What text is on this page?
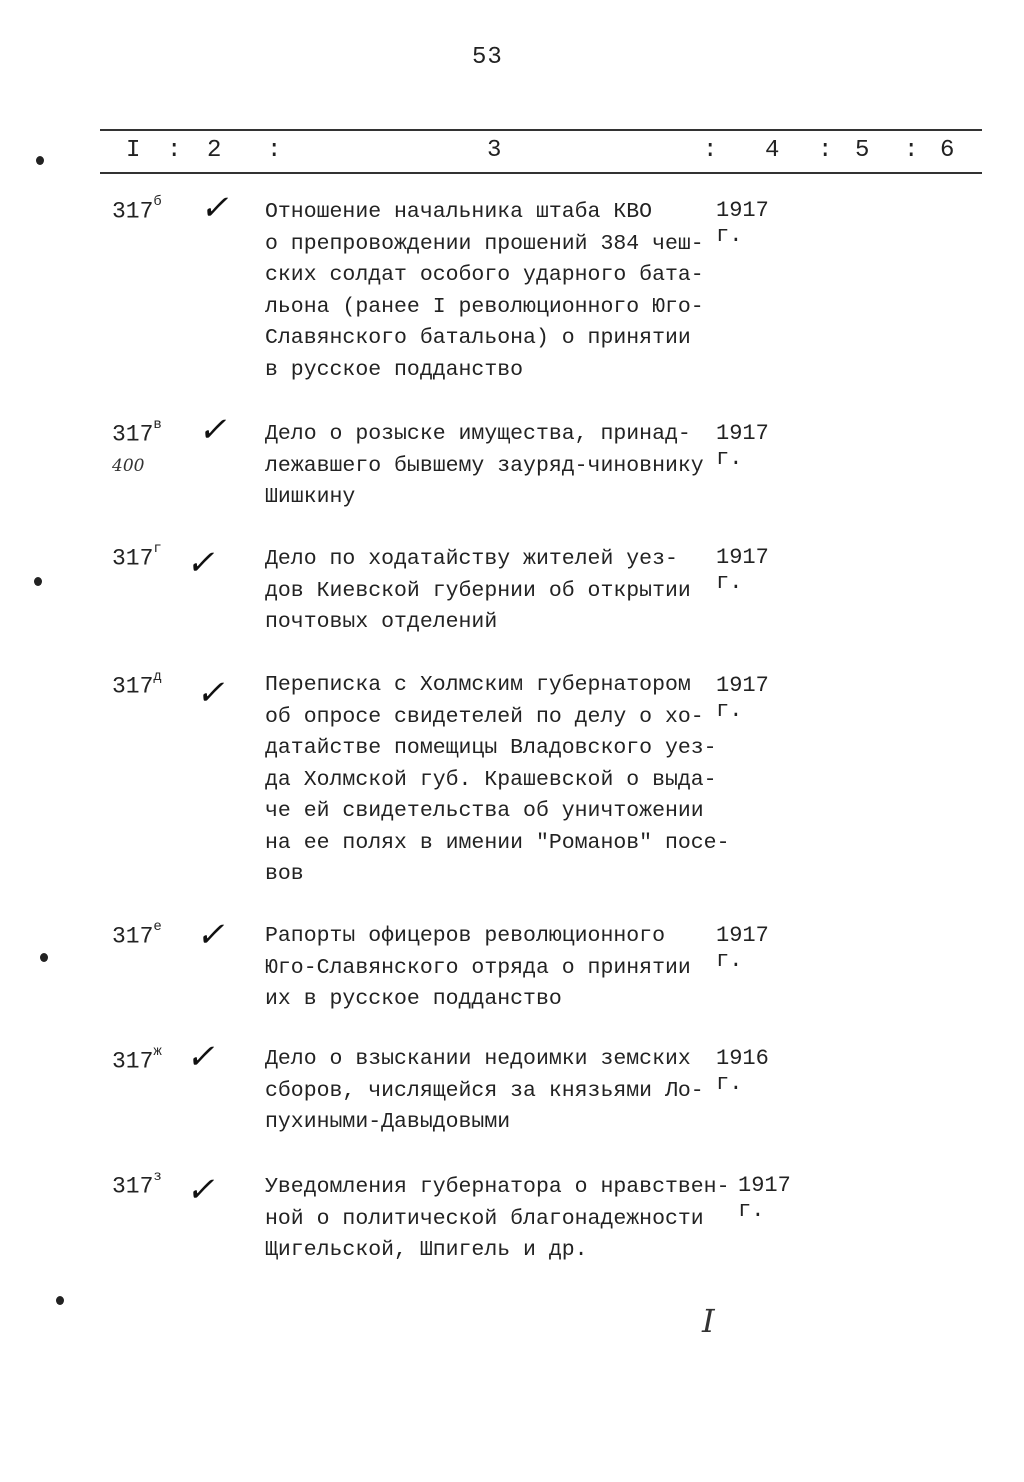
53
I : 2 :	3	: 4 : 5 : 6
$317^б$ ✓ Отношение начальника штаба КВО
о препровождении прошений 384 чеш-
ских солдат особого ударного бата-
льона (ранее I революционного Юго-
Славянского батальона) о принятии
в русское подданство
1917 г.
$317^в$
400
✓ Дело о розыске имущества, принад-
лежавшего бывшему зауряд-чиновнику
Шишкину
1917 г.
$317^г$ ✓ Дело по ходатайству жителей уез-
дов Киевской губернии об открытии
почтовых отделений
1917 г.
$317^д$ ✓ Переписка с Холмским губернатором
об опросе свидетелей по делу о хо-
датайстве помещицы Владовского уез-
да Холмской губ. Крашевской о выда-
че ей свидетельства об уничтожении
на ее полях в имении "Романов" посе-
вов
1917 г.
$317^е$ ✓ Рапорты офицеров революционного
Юго-Славянского отряда о принятии
их в русское подданство
1917 г.
$317^ж$ ✓ Дело о взыскании недоимки земских
сборов, числящейся за князьями Ло-
пухиными-Давыдовыми
1916 г.
$317^з$ ✓ Уведомления губернатора о нравствен-
ной о политической благонадежности
Щигельской, Шпигель и др.
1917 г.
I
